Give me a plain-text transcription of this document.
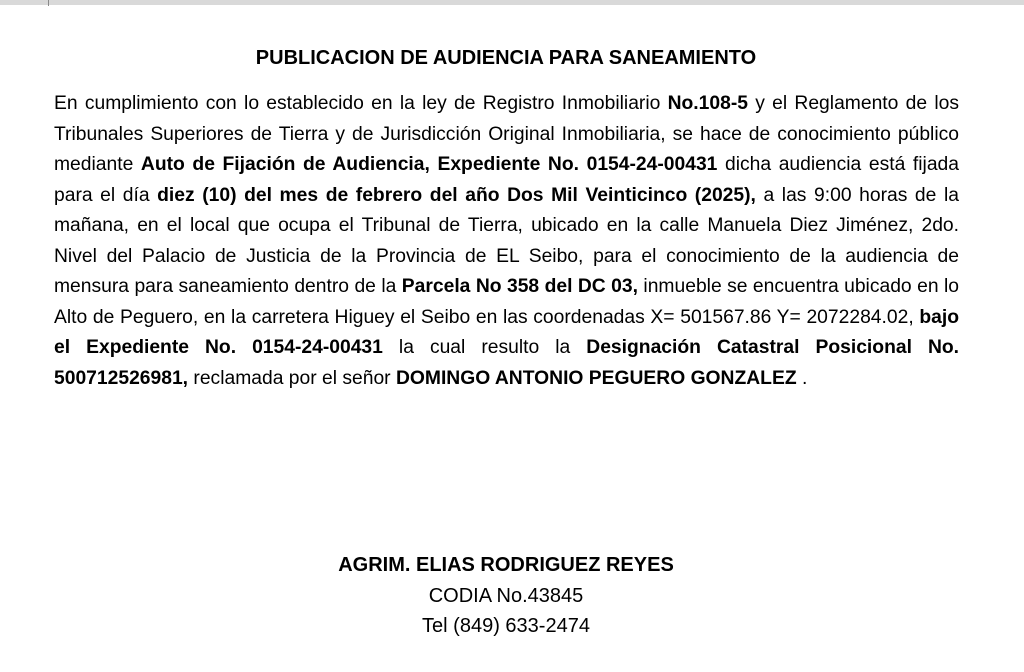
PUBLICACION DE AUDIENCIA PARA SANEAMIENTO

En cumplimiento con lo establecido en la ley de Registro Inmobiliario No.108-5 y el Reglamento de los Tribunales Superiores de Tierra y de Jurisdicción Original Inmobiliaria, se hace de conocimiento público mediante Auto de Fijación de Audiencia, Expediente No. 0154-24-00431 dicha audiencia está fijada para el día diez (10) del mes de febrero del año Dos Mil Veinticinco (2025), a las 9:00 horas de la mañana, en el local que ocupa el Tribunal de Tierra, ubicado en la calle Manuela Diez Jiménez, 2do. Nivel del Palacio de Justicia de la Provincia de EL Seibo, para el conocimiento de la audiencia de mensura para saneamiento dentro de la Parcela No 358 del DC 03, inmueble se encuentra ubicado en lo Alto de Peguero, en la carretera Higuey el Seibo en las coordenadas X= 501567.86 Y= 2072284.02, bajo el Expediente No. 0154-24-00431 la cual resulto la Designación Catastral Posicional No. 500712526981, reclamada por el señor DOMINGO ANTONIO PEGUERO GONZALEZ .

AGRIM. ELIAS RODRIGUEZ REYES
CODIA No.43845
Tel (849) 633-2474
